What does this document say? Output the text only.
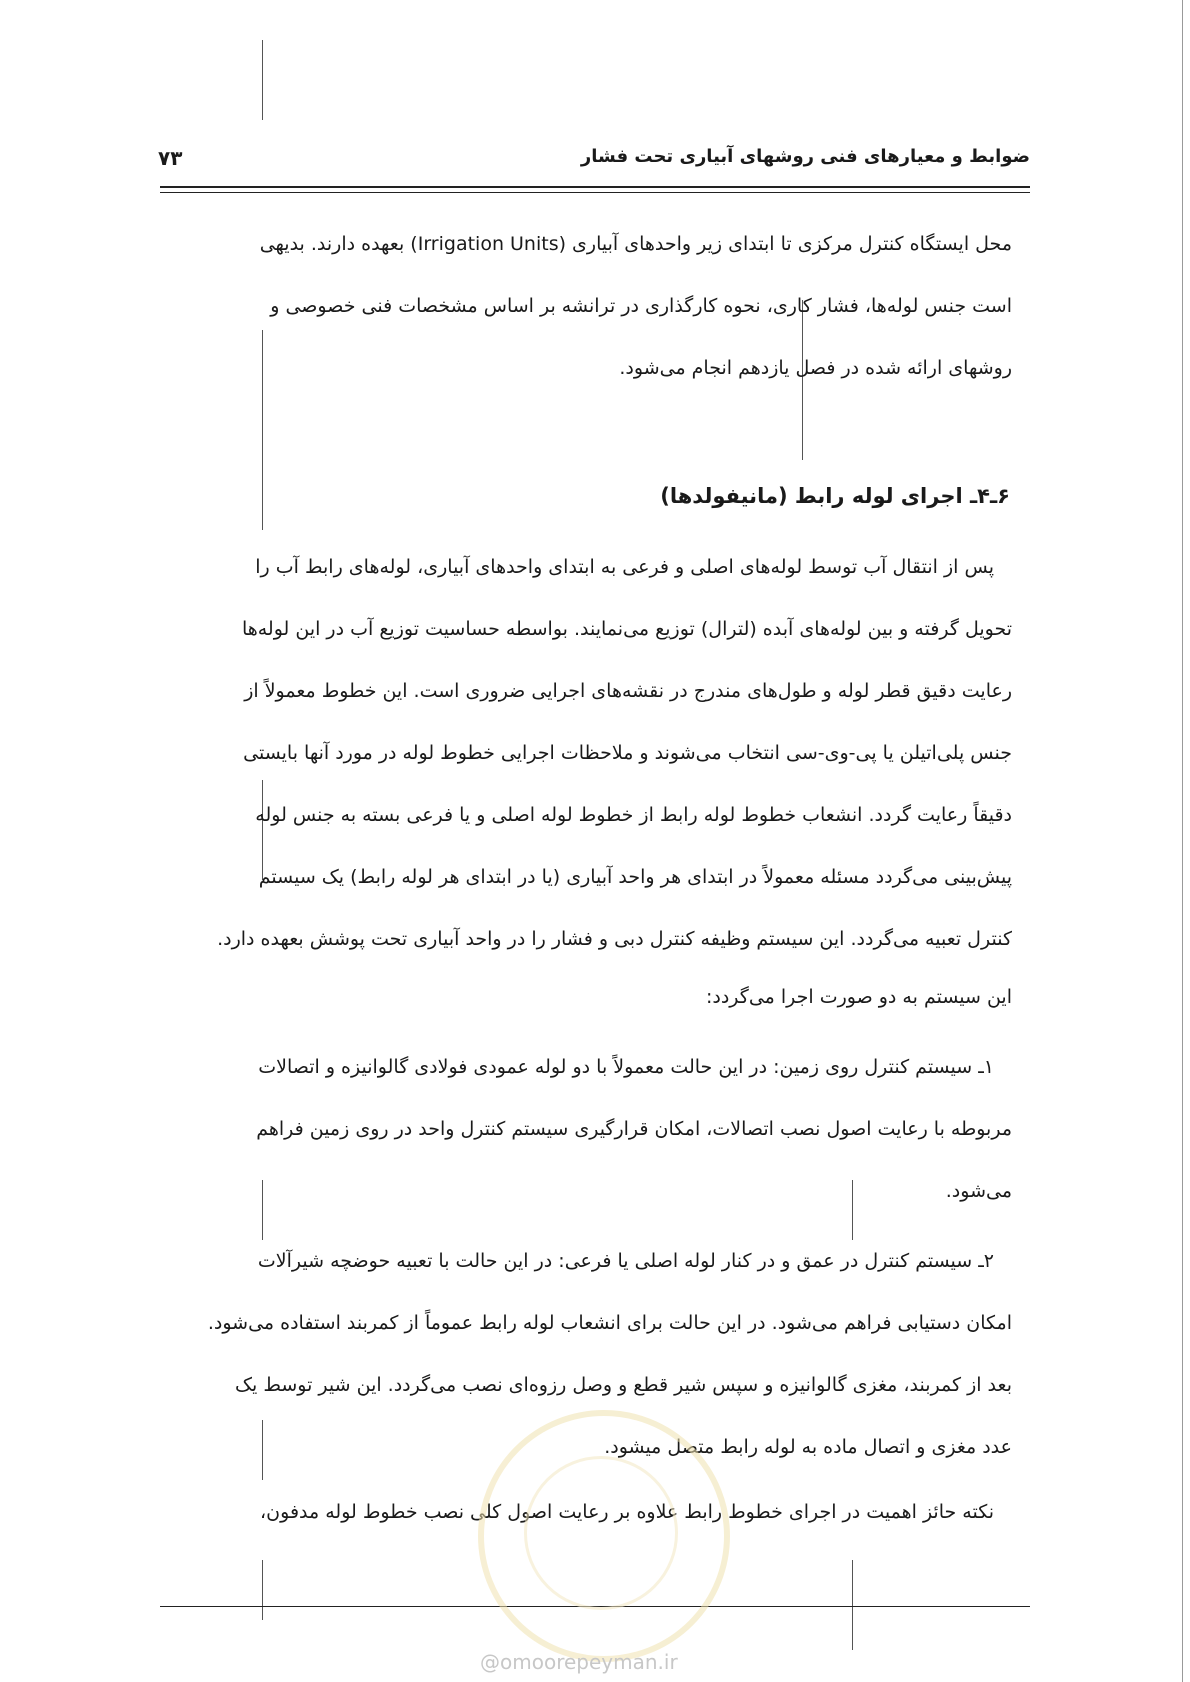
ضوابط و معیارهای فنی روشهای آبیاری تحت فشار
۷۳
محل ایستگاه کنترل مرکزی تا ابتدای زیر واحدهای آبیاری (Irrigation Units) بعهده دارند. بدیهی
است جنس لوله‌ها، فشار کاری، نحوه کارگذاری در ترانشه بر اساس مشخصات فنی خصوصی و
روشهای ارائه شده در فصل یازدهم انجام می‌شود.
۶ـ۴ـ اجرای لوله رابط (مانیفولدها)
پس از انتقال آب توسط لوله‌های اصلی و فرعی به ابتدای واحدهای آبیاری، لوله‌های رابط آب را
تحویل گرفته و بین لوله‌های آبده (لترال) توزیع می‌نمایند. بواسطه حساسیت توزیع آب در این لوله‌ها
رعایت دقیق قطر لوله و طول‌های مندرج در نقشه‌های اجرایی ضروری است. این خطوط معمولاً از
جنس پلی‌اتیلن یا پی-وی-سی انتخاب می‌شوند و ملاحظات اجرایی خطوط لوله در مورد آنها بایستی
دقیقاً رعایت گردد. انشعاب خطوط لوله رابط از خطوط لوله اصلی و یا فرعی بسته به جنس لوله
پیش‌بینی می‌گردد مسئله معمولاً در ابتدای هر واحد آبیاری (یا در ابتدای هر لوله رابط) یک سیستم
کنترل تعبیه می‌گردد. این سیستم وظیفه کنترل دبی و فشار را در واحد آبیاری تحت پوشش بعهده دارد.
این سیستم به دو صورت اجرا می‌گردد:
۱ـ سیستم کنترل روی زمین: در این حالت معمولاً با دو لوله عمودی فولادی گالوانیزه و اتصالات
مربوطه با رعایت اصول نصب اتصالات، امکان قرارگیری سیستم کنترل واحد در روی زمین فراهم
می‌شود.
۲ـ سیستم کنترل در عمق و در کنار لوله اصلی یا فرعی: در این حالت با تعبیه حوضچه شیرآلات
امکان دستیابی فراهم می‌شود. در این حالت برای انشعاب لوله رابط عموماً از کمربند استفاده می‌شود.
بعد از کمربند، مغزی گالوانیزه و سپس شیر قطع و وصل رزوه‌ای نصب می‌گردد. این شیر توسط یک
عدد مغزی و اتصال ماده به لوله رابط متصل میشود.
نکته حائز اهمیت در اجرای خطوط رابط علاوه بر رعایت اصول کلی نصب خطوط لوله مدفون،
@omoorepeyman.ir
